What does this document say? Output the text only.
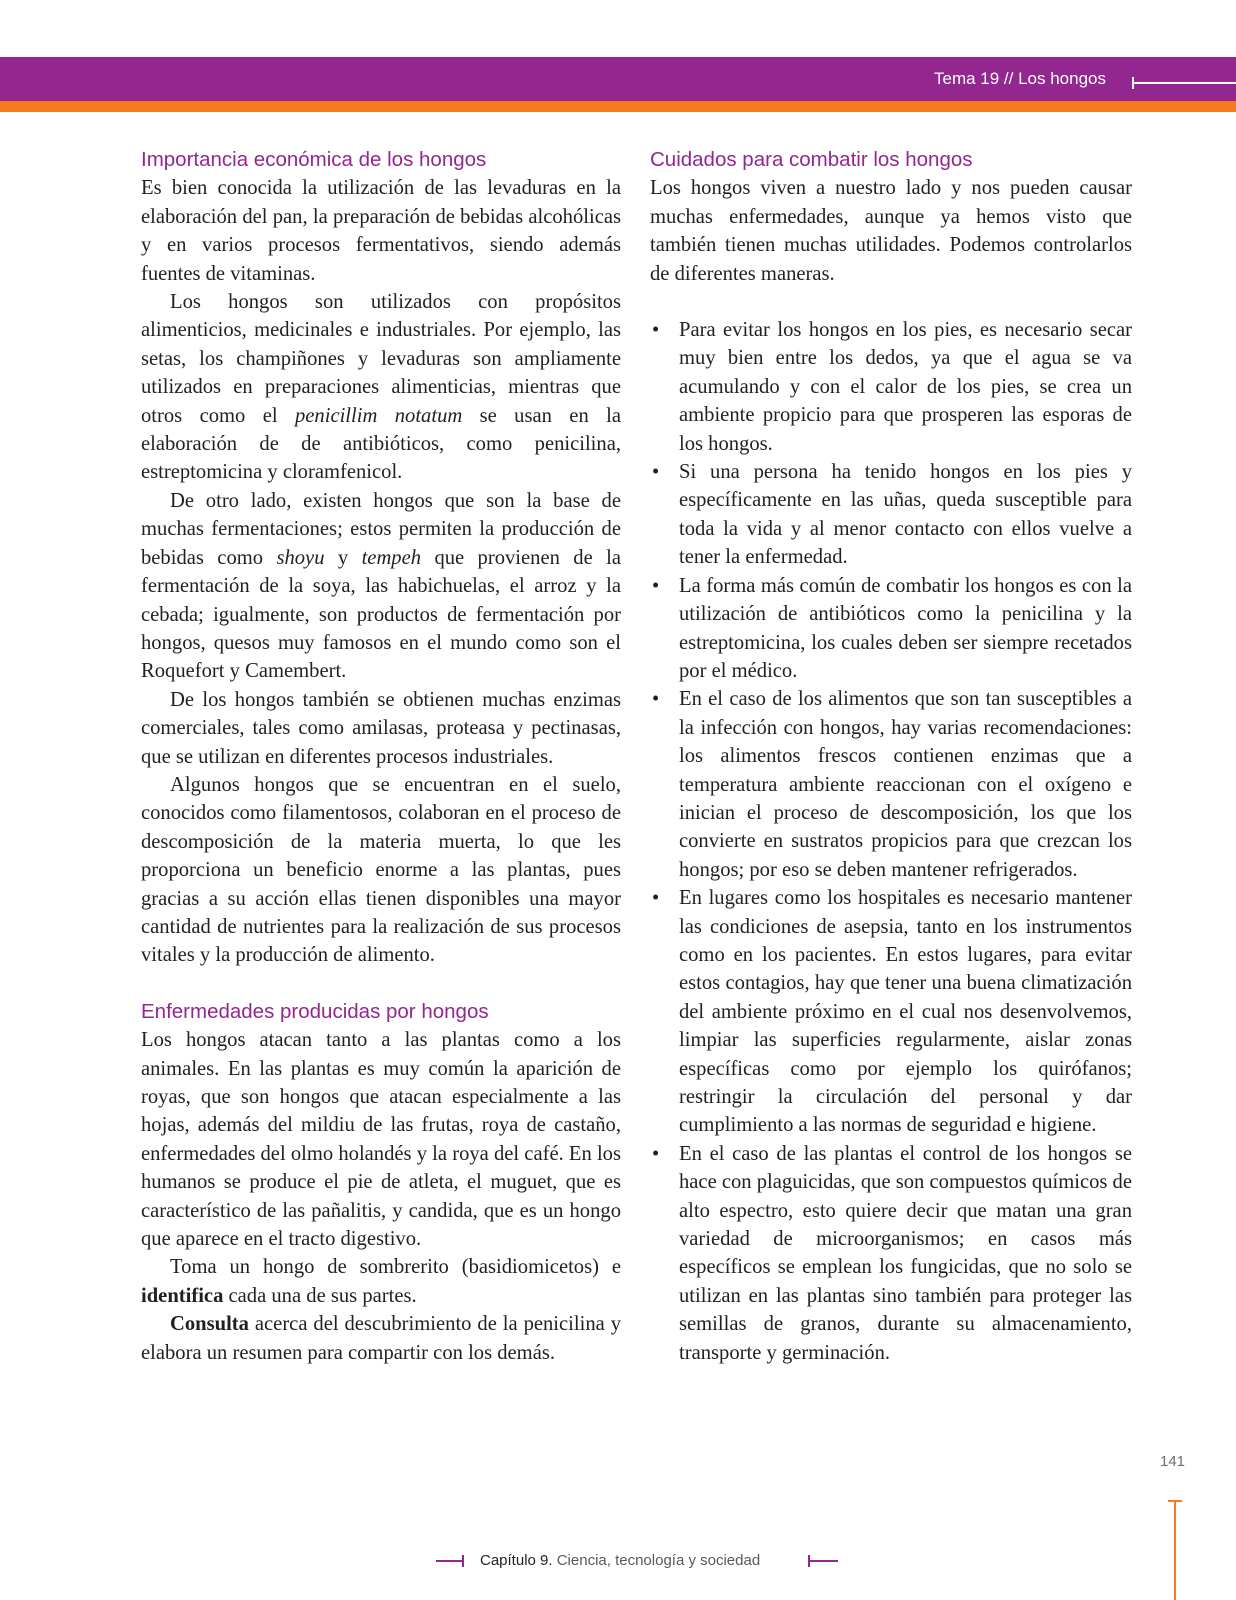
Tema 19 // Los hongos
Importancia económica de los hongos

Es bien conocida la utilización de las levaduras en la elaboración del pan, la preparación de bebidas alcohólicas y en varios procesos fermentativos, siendo además fuentes de vitaminas.

Los hongos son utilizados con propósitos alimenticios, medicinales e industriales. Por ejemplo, las setas, los champiñones y levaduras son ampliamente utilizados en preparaciones alimenticias, mientras que otros como el penicillim notatum se usan en la elaboración de de antibióticos, como penicilina, estreptomicina y cloramfenicol.

De otro lado, existen hongos que son la base de muchas fermentaciones; estos permiten la producción de bebidas como shoyu y tempeh que provienen de la fermentación de la soya, las habichuelas, el arroz y la cebada; igualmente, son productos de fermentación por hongos, quesos muy famosos en el mundo como son el Roquefort y Camembert.

De los hongos también se obtienen muchas enzimas comerciales, tales como amilasas, proteasa y pectinasas, que se utilizan en diferentes procesos industriales.

Algunos hongos que se encuentran en el suelo, conocidos como filamentosos, colaboran en el proceso de descomposición de la materia muerta, lo que les proporciona un beneficio enorme a las plantas, pues gracias a su acción ellas tienen disponibles una mayor cantidad de nutrientes para la realización de sus procesos vitales y la producción de alimento.

Enfermedades producidas por hongos

Los hongos atacan tanto a las plantas como a los animales. En las plantas es muy común la aparición de royas, que son hongos que atacan especialmente a las hojas, además del mildiu de las frutas, roya de castaño, enfermedades del olmo holandés y la roya del café. En los humanos se produce el pie de atleta, el muguet, que es característico de las pañalitis, y candida, que es un hongo que aparece en el tracto digestivo.

Toma un hongo de sombrerito (basidiomicetos) e identifica cada una de sus partes.

Consulta acerca del descubrimiento de la penicilina y elabora un resumen para compartir con los demás.

Cuidados para combatir los hongos

Los hongos viven a nuestro lado y nos pueden causar muchas enfermedades, aunque ya hemos visto que también tienen muchas utilidades. Podemos controlarlos de diferentes maneras.

• Para evitar los hongos en los pies, es necesario secar muy bien entre los dedos, ya que el agua se va acumulando y con el calor de los pies, se crea un ambiente propicio para que prosperen las esporas de los hongos.
• Si una persona ha tenido hongos en los pies y específicamente en las uñas, queda susceptible para toda la vida y al menor contacto con ellos vuelve a tener la enfermedad.
• La forma más común de combatir los hongos es con la utilización de antibióticos como la penicilina y la estreptomicina, los cuales deben ser siempre recetados por el médico.
• En el caso de los alimentos que son tan susceptibles a la infección con hongos, hay varias recomendaciones: los alimentos frescos contienen enzimas que a temperatura ambiente reaccionan con el oxígeno e inician el proceso de descomposición, los que los convierte en sustratos propicios para que crezcan los hongos; por eso se deben mantener refrigerados.
• En lugares como los hospitales es necesario mantener las condiciones de asepsia, tanto en los instrumentos como en los pacientes. En estos lugares, para evitar estos contagios, hay que tener una buena climatización del ambiente próximo en el cual nos desenvolvemos, limpiar las superficies regularmente, aislar zonas específicas como por ejemplo los quirófanos; restringir la circulación del personal y dar cumplimiento a las normas de seguridad e higiene.
• En el caso de las plantas el control de los hongos se hace con plaguicidas, que son compuestos químicos de alto espectro, esto quiere decir que matan una gran variedad de microorganismos; en casos más específicos se emplean los fungicidas, que no solo se utilizan en las plantas sino también para proteger las semillas de granos, durante su almacenamiento, transporte y germinación.
141
Capítulo 9. Ciencia, tecnología y sociedad
